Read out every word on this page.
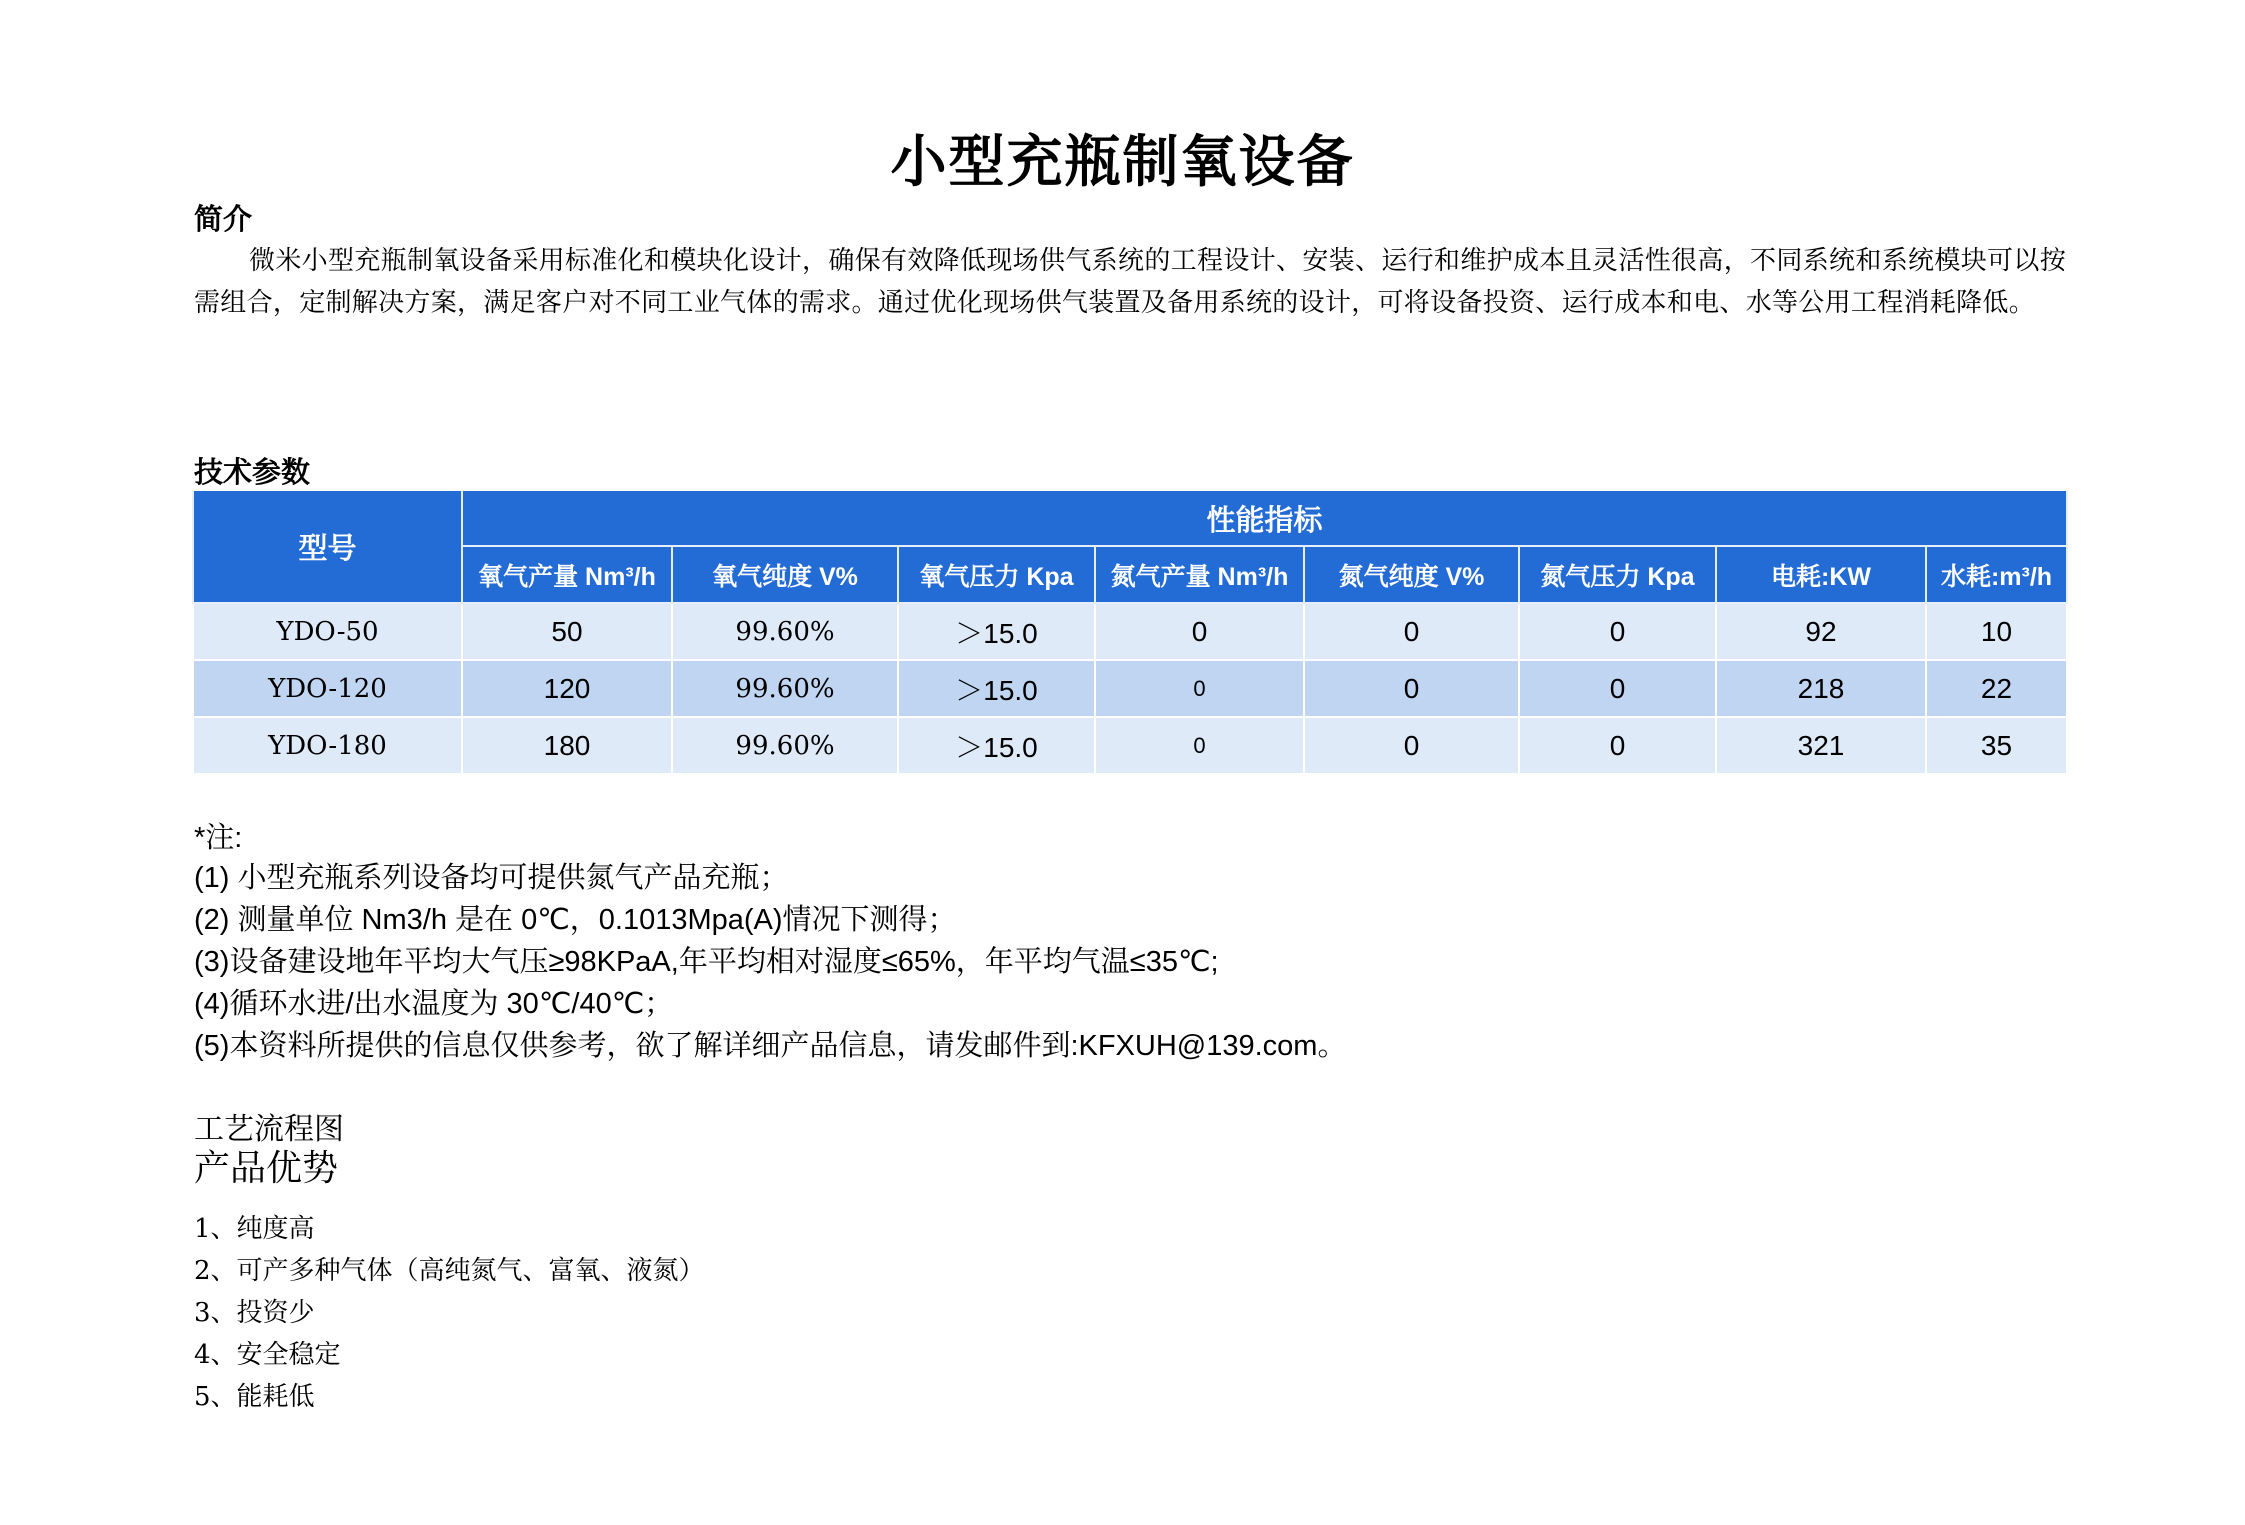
小型充瓶制氧设备
简介
微米小型充瓶制氧设备采用标准化和模块化设计，确保有效降低现场供气系统的工程设计、安装、运行和维护成本且灵活性很高，不同系统和系统模块可以按需组合，定制解决方案，满足客户对不同工业气体的需求。通过优化现场供气装置及备用系统的设计，可将设备投资、运行成本和电、水等公用工程消耗降低。
技术参数
型号	性能指标							
	氧气产量 Nm³/h	氧气纯度 V%	氧气压力 Kpa	氮气产量 Nm³/h	氮气纯度 V%	氮气压力 Kpa	电耗:KW	水耗:m³/h
YDO-50	50	99.60%	＞15.0	0	0	0	92	10
YDO-120	120	99.60%	＞15.0	0	0	0	218	22
YDO-180	180	99.60%	＞15.0	0	0	0	321	35
*注:
(1) 小型充瓶系列设备均可提供氮气产品充瓶；
(2) 测量单位 Nm3/h 是在 0℃，0.1013Mpa(A)情况下测得；
(3)设备建设地年平均大气压≥98KPaA,年平均相对湿度≤65%，年平均气温≤35℃;
(4)循环水进/出水温度为 30℃/40℃；
(5)本资料所提供的信息仅供参考，欲了解详细产品信息，请发邮件到:KFXUH@139.com。
工艺流程图
产品优势
1、纯度高
2、可产多种气体（高纯氮气、富氧、液氮）
3、投资少
4、安全稳定
5、能耗低
